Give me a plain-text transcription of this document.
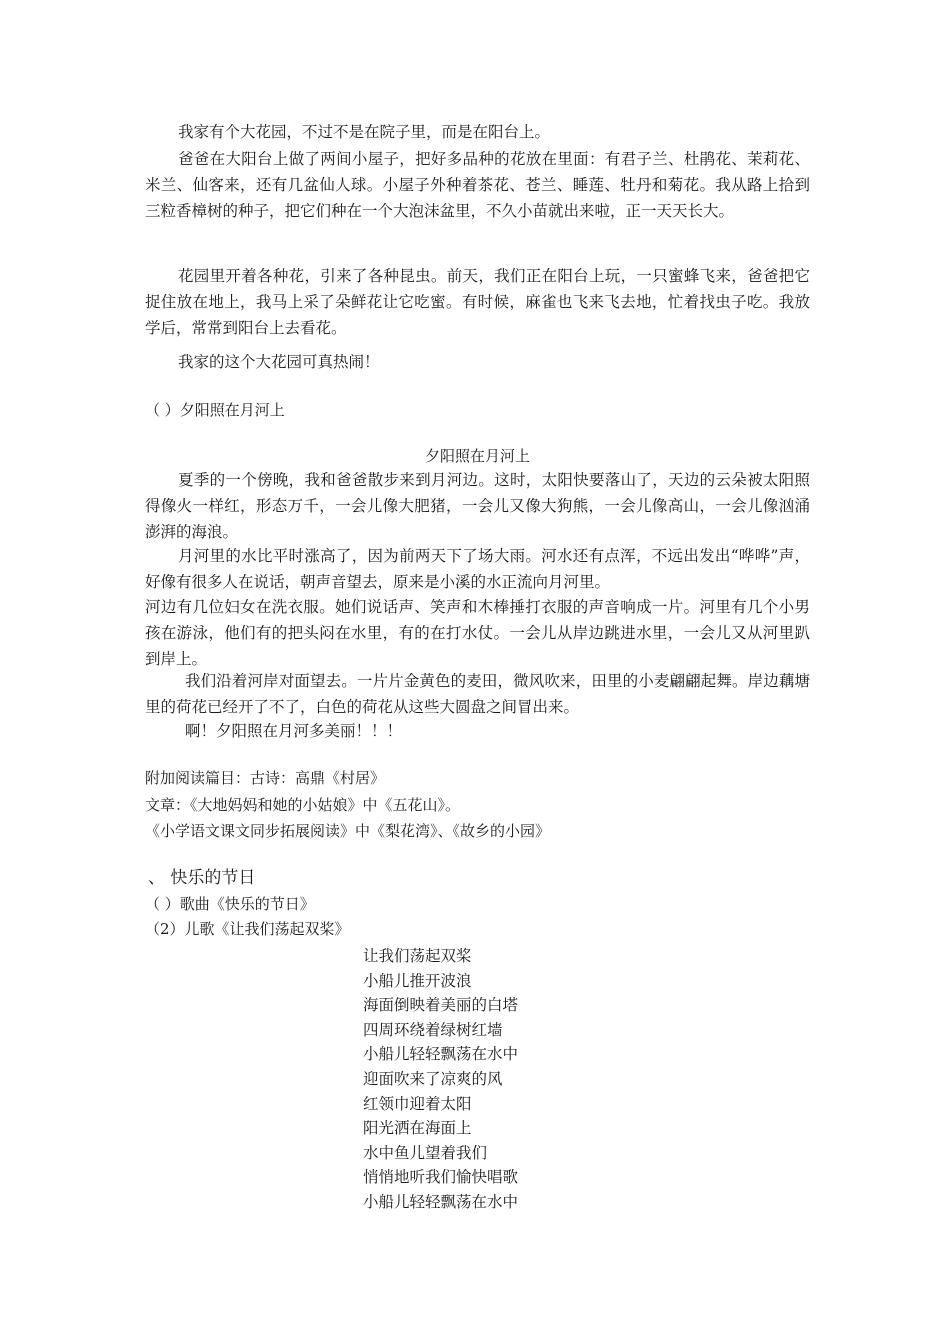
我家有个大花园，不过不是在院子里，而是在阳台上。
爸爸在大阳台上做了两间小屋子，把好多品种的花放在里面：有君子兰、杜鹃花、茉莉花、米兰、仙客来，还有几盆仙人球。小屋子外种着茶花、苍兰、睡莲、牡丹和菊花。我从路上拾到三粒香樟树的种子，把它们种在一个大泡沫盆里，不久小苗就出来啦，正一天天长大。
花园里开着各种花，引来了各种昆虫。前天，我们正在阳台上玩，一只蜜蜂飞来，爸爸把它捉住放在地上，我马上采了朵鲜花让它吃蜜。有时候，麻雀也飞来飞去地，忙着找虫子吃。我放学后，常常到阳台上去看花。
我家的这个大花园可真热闹！
（ ）夕阳照在月河上
夕阳照在月河上
夏季的一个傍晚，我和爸爸散步来到月河边。这时，太阳快要落山了，天边的云朵被太阳照得像火一样红，形态万千，一会儿像大肥猪，一会儿又像大狗熊，一会儿像高山，一会儿像汹涌澎湃的海浪。
月河里的水比平时涨高了，因为前两天下了场大雨。河水还有点浑，不远出发出“哗哗”声，好像有很多人在说话，朝声音望去，原来是小溪的水正流向月河里。
河边有几位妇女在洗衣服。她们说话声、笑声和木棒捶打衣服的声音响成一片。河里有几个小男孩在游泳，他们有的把头闷在水里，有的在打水仗。一会儿从岸边跳进水里，一会儿又从河里趴到岸上。
我们沿着河岸对面望去。一片片金黄色的麦田，微风吹来，田里的小麦翩翩起舞。岸边藕塘里的荷花已经开了不了，白色的荷花从这些大圆盘之间冒出来。
啊！夕阳照在月河多美丽！！！
附加阅读篇目：古诗：高鼎《村居》
文章：《大地妈妈和她的小姑娘》中《五花山》。
《小学语文课文同步拓展阅读》中《梨花湾》、《故乡的小园》
、 快乐的节日
（ ）歌曲《快乐的节日》
（2）儿歌《让我们荡起双桨》
让我们荡起双桨
小船儿推开波浪
海面倒映着美丽的白塔
四周环绕着绿树红墙
小船儿轻轻飘荡在水中
迎面吹来了凉爽的风
红领巾迎着太阳
阳光洒在海面上
水中鱼儿望着我们
悄悄地听我们愉快唱歌
小船儿轻轻飘荡在水中
